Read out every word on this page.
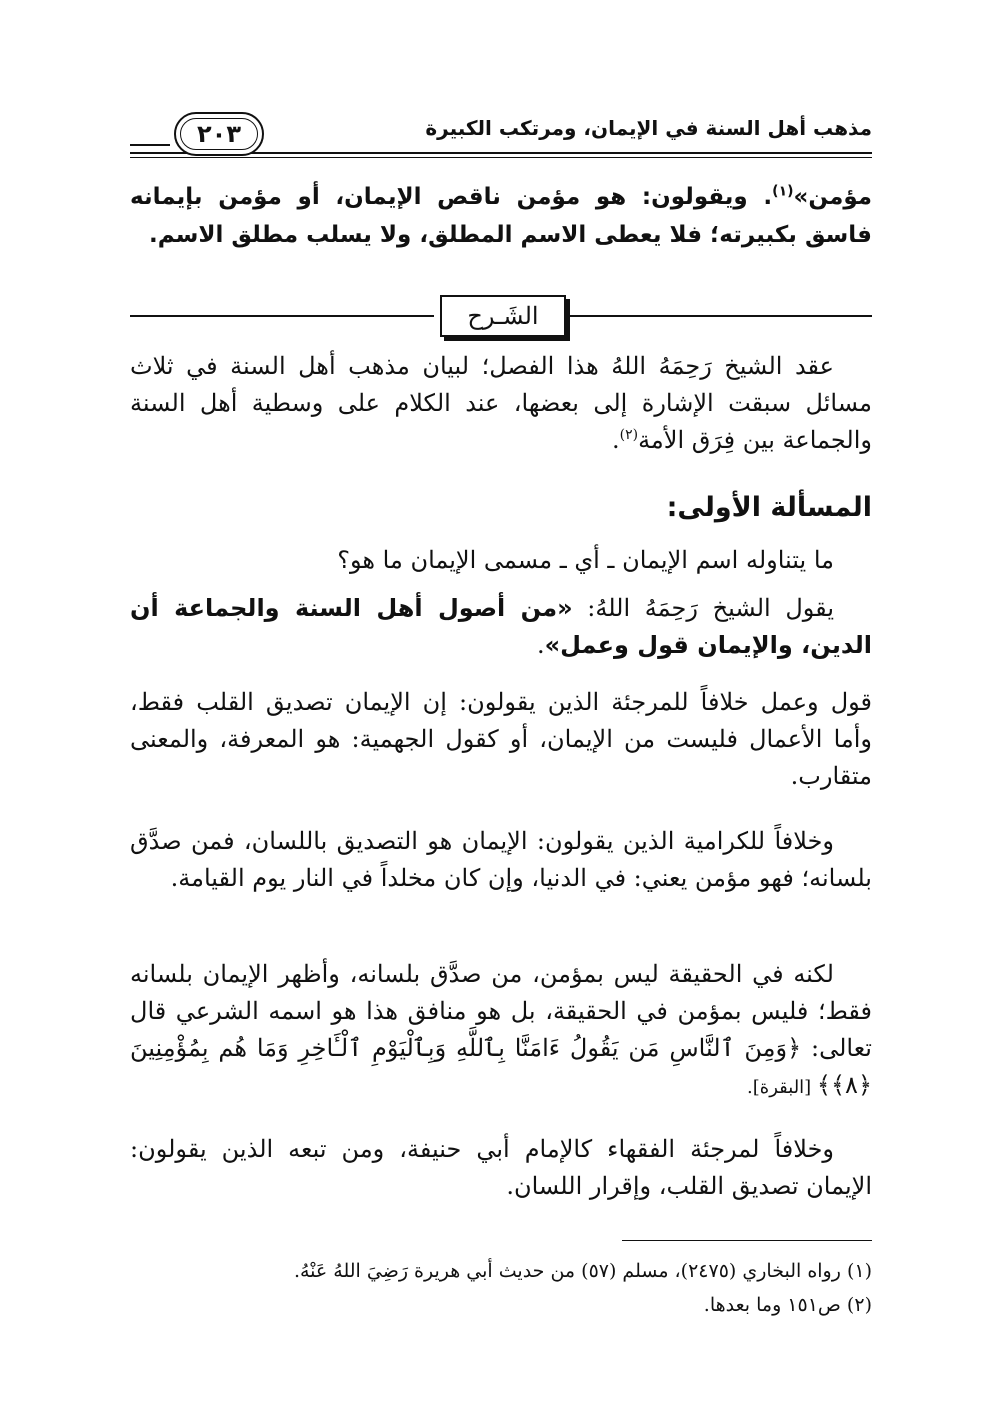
مذهب أهل السنة في الإيمان، ومرتكب الكبيرة
٢٠٣
مؤمن»$^{(١)}$. ويقولون: هو مؤمن ناقص الإيمان، أو مؤمن بإيمانه فاسق بكبيرته؛ فلا يعطى الاسم المطلق، ولا يسلب مطلق الاسم.
الشَـرح
عقد الشيخ رَحِمَهُ اللهُ هذا الفصل؛ لبيان مذهب أهل السنة في ثلاث مسائل سبقت الإشارة إلى بعضها، عند الكلام على وسطية أهل السنة والجماعة بين فِرَق الأمة$^{(٢)}$.
المسألة الأولى:
ما يتناوله اسم الإيمان ـ أي ـ مسمى الإيمان ما هو؟
يقول الشيخ رَحِمَهُ اللهُ: «من أصول أهل السنة والجماعة أن الدين، والإيمان قول وعمل».
قول وعمل خلافاً للمرجئة الذين يقولون: إن الإيمان تصديق القلب فقط، وأما الأعمال فليست من الإيمان، أو كقول الجهمية: هو المعرفة، والمعنى متقارب.
وخلافاً للكرامية الذين يقولون: الإيمان هو التصديق باللسان، فمن صدَّق بلسانه؛ فهو مؤمن يعني: في الدنيا، وإن كان مخلداً في النار يوم القيامة.
لكنه في الحقيقة ليس بمؤمن، من صدَّق بلسانه، وأظهر الإيمان بلسانه فقط؛ فليس بمؤمن في الحقيقة، بل هو منافق هذا هو اسمه الشرعي قال تعالى: ﴿وَمِنَ ٱلنَّاسِ مَن يَقُولُ ءَامَنَّا بِٱللَّهِ وَبِٱلْيَوْمِ ٱلْـَٔاخِرِ وَمَا هُم بِمُؤْمِنِينَ ﴿٨﴾﴾ [البقرة].
وخلافاً لمرجئة الفقهاء كالإمام أبي حنيفة، ومن تبعه الذين يقولون: الإيمان تصديق القلب، وإقرار اللسان.
(١) رواه البخاري (٢٤٧٥)، مسلم (٥٧) من حديث أبي هريرة رَضِيَ اللهُ عَنْهُ.
(٢) ص١٥١ وما بعدها.
